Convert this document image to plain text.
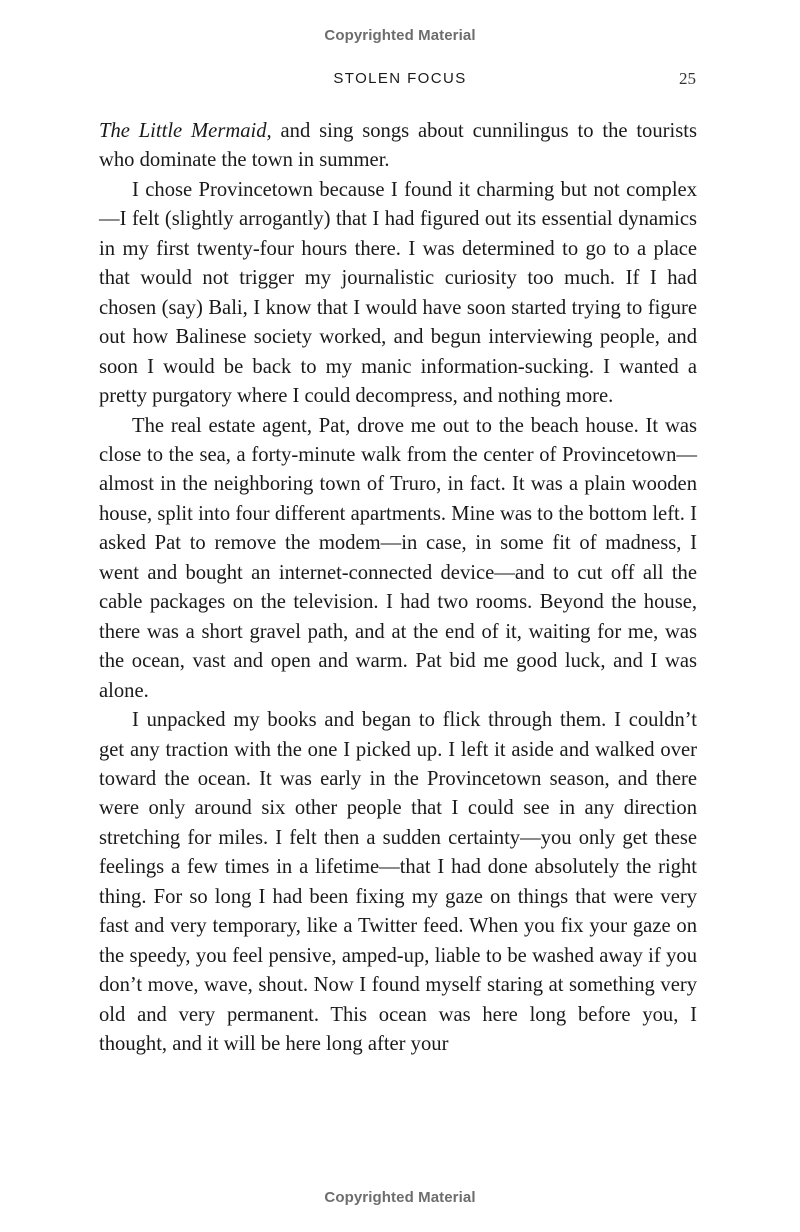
Copyrighted Material
STOLEN FOCUS	25

The Little Mermaid, and sing songs about cunnilingus to the tourists who dominate the town in summer.

I chose Provincetown because I found it charming but not complex—I felt (slightly arrogantly) that I had figured out its essential dynamics in my first twenty-four hours there. I was determined to go to a place that would not trigger my journalistic curiosity too much. If I had chosen (say) Bali, I know that I would have soon started trying to figure out how Balinese society worked, and begun interviewing people, and soon I would be back to my manic information-sucking. I wanted a pretty purgatory where I could decompress, and nothing more.

The real estate agent, Pat, drove me out to the beach house. It was close to the sea, a forty-minute walk from the center of Provincetown—almost in the neighboring town of Truro, in fact. It was a plain wooden house, split into four different apartments. Mine was to the bottom left. I asked Pat to remove the modem—in case, in some fit of madness, I went and bought an internet-connected device—and to cut off all the cable packages on the television. I had two rooms. Beyond the house, there was a short gravel path, and at the end of it, waiting for me, was the ocean, vast and open and warm. Pat bid me good luck, and I was alone.

I unpacked my books and began to flick through them. I couldn’t get any traction with the one I picked up. I left it aside and walked over toward the ocean. It was early in the Provincetown season, and there were only around six other people that I could see in any direction stretching for miles. I felt then a sudden certainty—you only get these feelings a few times in a lifetime—that I had done absolutely the right thing. For so long I had been fixing my gaze on things that were very fast and very temporary, like a Twitter feed. When you fix your gaze on the speedy, you feel pensive, amped-up, liable to be washed away if you don’t move, wave, shout. Now I found myself staring at something very old and very permanent. This ocean was here long before you, I thought, and it will be here long after your

Copyrighted Material
